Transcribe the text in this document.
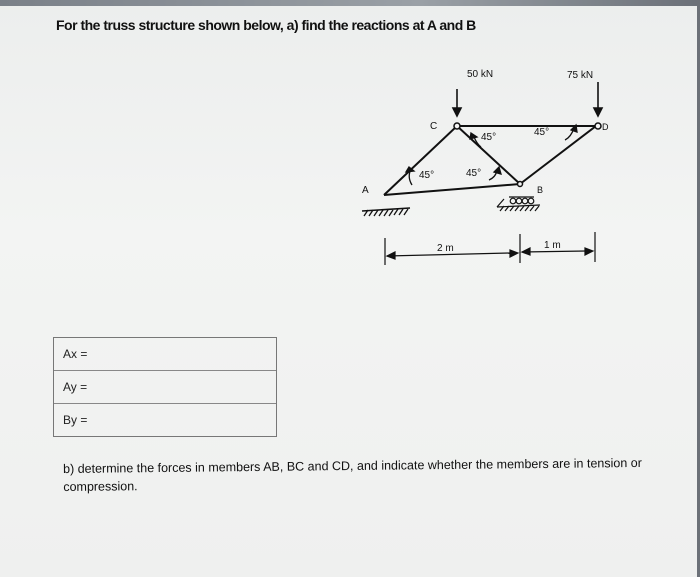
For the truss structure shown below, a) find the reactions at A and B
50 kN	75 kN
45°
45°
45°
45°
A	B
C	D
2 m	1 m
Ax =
Ay =
By =
b) determine the forces in members AB, BC and CD, and indicate whether the members are in tension or compression.
